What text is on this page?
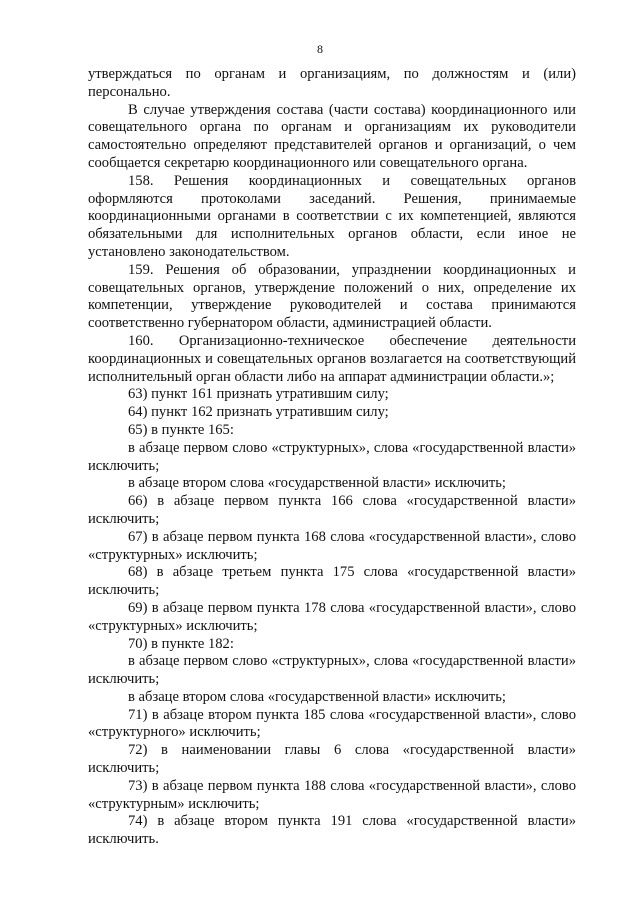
8

утверждаться по органам и организациям, по должностям и (или) персонально.

В случае утверждения состава (части состава) координационного или совещательного органа по органам и организациям их руководители самостоятельно определяют представителей органов и организаций, о чем сообщается секретарю координационного или совещательного органа.

158. Решения координационных и совещательных органов оформляются протоколами заседаний. Решения, принимаемые координационными органами в соответствии с их компетенцией, являются обязательными для исполнительных органов области, если иное не установлено законодательством.

159. Решения об образовании, упразднении координационных и совещательных органов, утверждение положений о них, определение их компетенции, утверждение руководителей и состава принимаются соответственно губернатором области, администрацией области.

160. Организационно-техническое обеспечение деятельности координационных и совещательных органов возлагается на соответствующий исполнительный орган области либо на аппарат администрации области.»;

63) пункт 161 признать утратившим силу;

64) пункт 162 признать утратившим силу;

65) в пункте 165:

в абзаце первом слово «структурных», слова «государственной власти» исключить;

в абзаце втором слова «государственной власти» исключить;

66) в абзаце первом пункта 166 слова «государственной власти» исключить;

67) в абзаце первом пункта 168 слова «государственной власти», слово «структурных» исключить;

68) в абзаце третьем пункта 175 слова «государственной власти» исключить;

69) в абзаце первом пункта 178 слова «государственной власти», слово «структурных» исключить;

70) в пункте 182:

в абзаце первом слово «структурных», слова «государственной власти» исключить;

в абзаце втором слова «государственной власти» исключить;

71) в абзаце втором пункта 185 слова «государственной власти», слово «структурного» исключить;

72) в наименовании главы 6 слова «государственной власти» исключить;

73) в абзаце первом пункта 188 слова «государственной власти», слово «структурным» исключить;

74) в абзаце втором пункта 191 слова «государственной власти» исключить.
